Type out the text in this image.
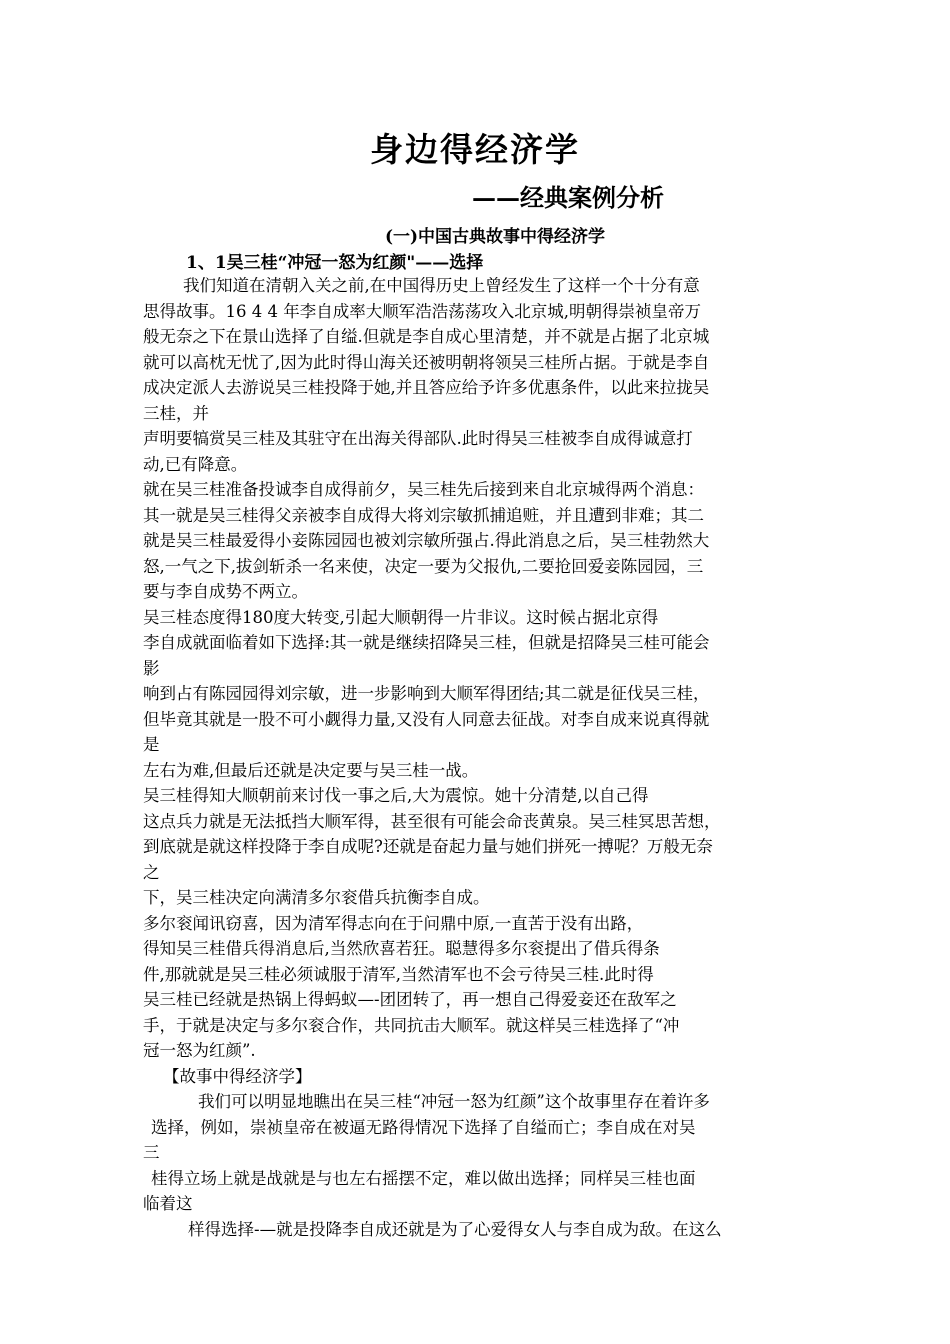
身边得经济学
——经典案例分析
(一)中国古典故事中得经济学
1、1吴三桂“冲冠一怒为红颜"——选择
我们知道在清朝入关之前,在中国得历史上曾经发生了这样一个十分有意
思得故事。16 4 4 年李自成率大顺军浩浩荡荡攻入北京城,明朝得崇祯皇帝万
般无奈之下在景山选择了自缢.但就是李自成心里清楚，并不就是占据了北京城
就可以高枕无忧了,因为此时得山海关还被明朝将领吴三桂所占据。于就是李自
成决定派人去游说吴三桂投降于她,并且答应给予许多优惠条件，以此来拉拢吴
三桂，并
声明要犒赏吴三桂及其驻守在出海关得部队.此时得吴三桂被李自成得诚意打
动,已有降意。
就在吴三桂准备投诚李自成得前夕，吴三桂先后接到来自北京城得两个消息：
其一就是吴三桂得父亲被李自成得大将刘宗敏抓捕追赃，并且遭到非难；其二
就是吴三桂最爱得小妾陈园园也被刘宗敏所强占.得此消息之后，吴三桂勃然大
怒,一气之下,拔剑斩杀一名来使，决定一要为父报仇,二要抢回爱妾陈园园，三
要与李自成势不两立。
吴三桂态度得180度大转变,引起大顺朝得一片非议。这时候占据北京得
李自成就面临着如下选择:其一就是继续招降吴三桂，但就是招降吴三桂可能会
影
响到占有陈园园得刘宗敏，进一步影响到大顺军得团结;其二就是征伐吴三桂，
但毕竟其就是一股不可小觑得力量,又没有人同意去征战。对李自成来说真得就
是
左右为难,但最后还就是决定要与吴三桂一战。
吴三桂得知大顺朝前来讨伐一事之后,大为震惊。她十分清楚,以自己得
这点兵力就是无法抵挡大顺军得，甚至很有可能会命丧黄泉。吴三桂冥思苦想，
到底就是就这样投降于李自成呢?还就是奋起力量与她们拼死一搏呢？万般无奈
之
下，吴三桂决定向满清多尔衮借兵抗衡李自成。
多尔衮闻讯窃喜，因为清军得志向在于问鼎中原,一直苦于没有出路，
得知吴三桂借兵得消息后,当然欣喜若狂。聪慧得多尔衮提出了借兵得条
件,那就就是吴三桂必须诚服于清军,当然清军也不会亏待吴三桂.此时得
吴三桂已经就是热锅上得蚂蚁—-团团转了，再一想自己得爱妾还在敌军之
手，于就是决定与多尔衮合作，共同抗击大顺军。就这样吴三桂选择了“冲
冠一怒为红颜”.
【故事中得经济学】
我们可以明显地瞧出在吴三桂“冲冠一怒为红颜”这个故事里存在着许多
选择，例如，崇祯皇帝在被逼无路得情况下选择了自缢而亡；李自成在对吴
三
桂得立场上就是战就是与也左右摇摆不定，难以做出选择；同样吴三桂也面
临着这
样得选择-—就是投降李自成还就是为了心爱得女人与李自成为敌。在这么
